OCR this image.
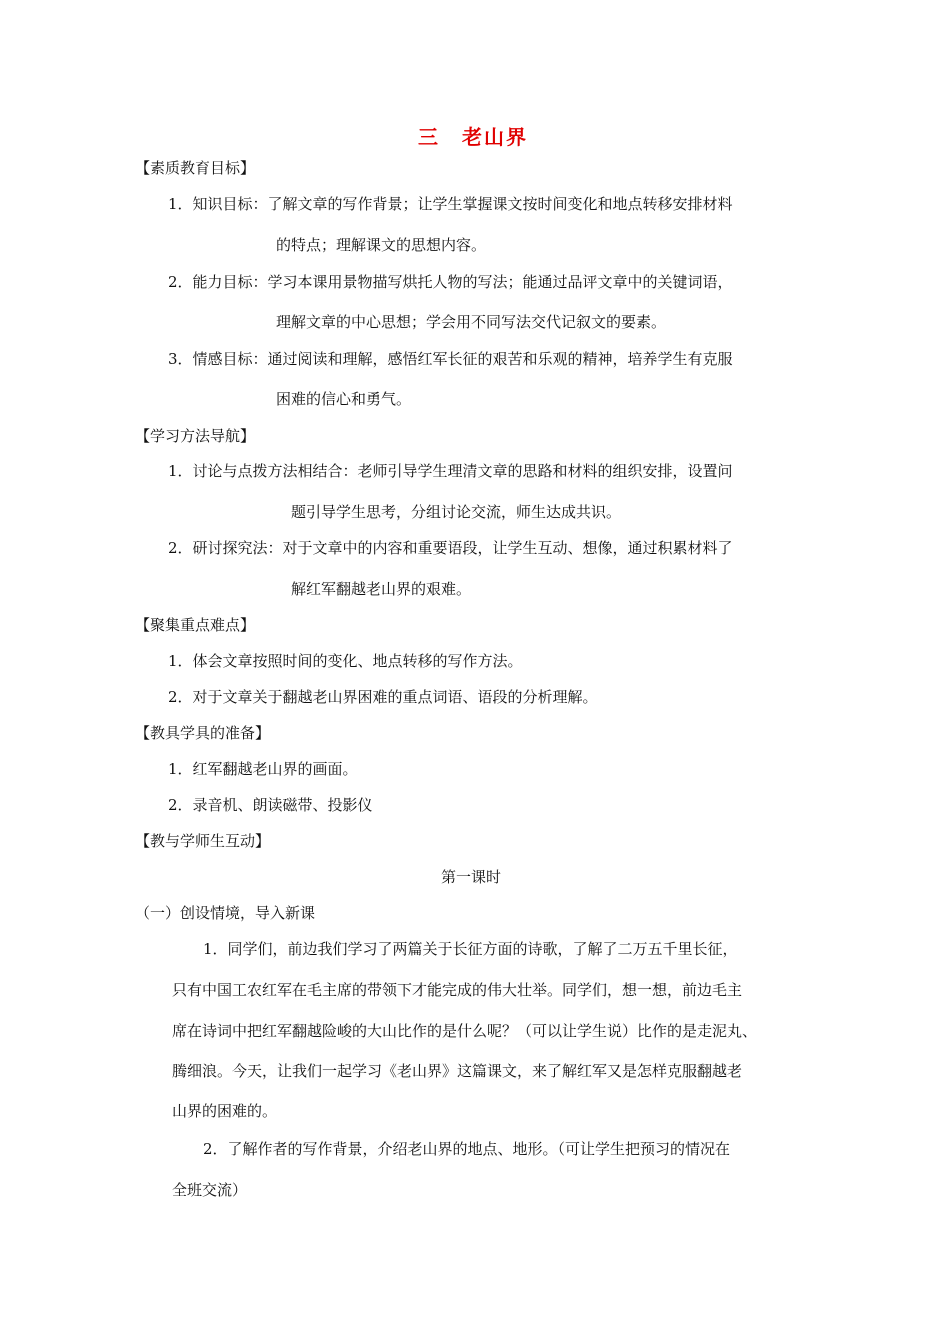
三　老山界
【素质教育目标】
1．知识目标：了解文章的写作背景；让学生掌握课文按时间变化和地点转移安排材料
的特点；理解课文的思想内容。
2．能力目标：学习本课用景物描写烘托人物的写法；能通过品评文章中的关键词语，
理解文章的中心思想；学会用不同写法交代记叙文的要素。
3．情感目标：通过阅读和理解，感悟红军长征的艰苦和乐观的精神，培养学生有克服
困难的信心和勇气。
【学习方法导航】
1．讨论与点拨方法相结合：老师引导学生理清文章的思路和材料的组织安排，设置问
题引导学生思考，分组讨论交流，师生达成共识。
2．研讨探究法：对于文章中的内容和重要语段，让学生互动、想像，通过积累材料了
解红军翻越老山界的艰难。
【聚集重点难点】
1．体会文章按照时间的变化、地点转移的写作方法。
2．对于文章关于翻越老山界困难的重点词语、语段的分析理解。
【教具学具的准备】
1．红军翻越老山界的画面。
2．录音机、朗读磁带、投影仪
【教与学师生互动】
第一课时
（一）创设情境，导入新课
1．同学们，前边我们学习了两篇关于长征方面的诗歌，了解了二万五千里长征，
只有中国工农红军在毛主席的带领下才能完成的伟大壮举。同学们，想一想，前边毛主
席在诗词中把红军翻越险峻的大山比作的是什么呢？（可以让学生说）比作的是走泥丸、
腾细浪。今天，让我们一起学习《老山界》这篇课文，来了解红军又是怎样克服翻越老
山界的困难的。
2．了解作者的写作背景，介绍老山界的地点、地形。（可让学生把预习的情况在
全班交流）
